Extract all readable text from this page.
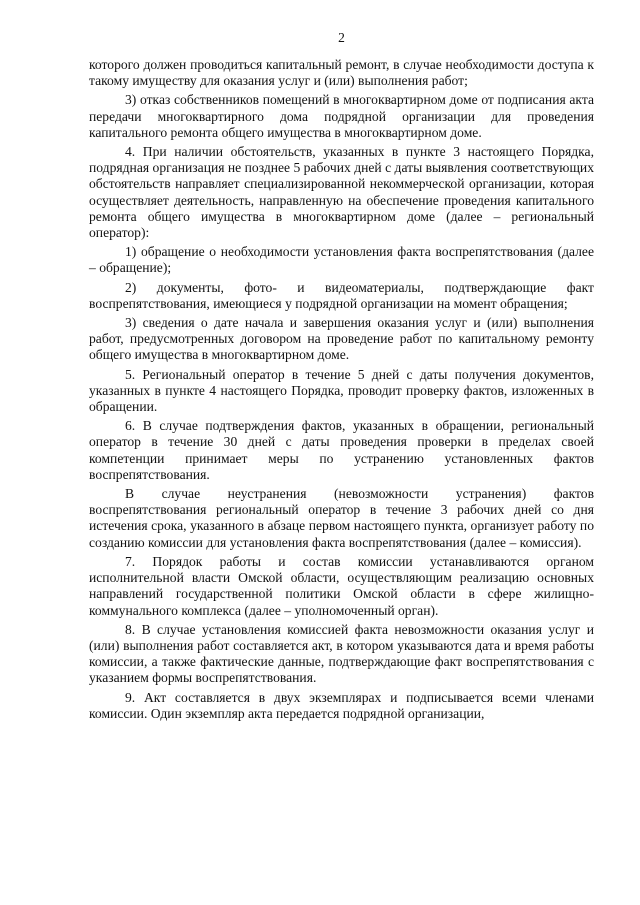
2

которого должен проводиться капитальный ремонт, в случае необходимости доступа к такому имуществу для оказания услуг и (или) выполнения работ;

3) отказ собственников помещений в многоквартирном доме от подписания акта передачи многоквартирного дома подрядной организации для проведения капитального ремонта общего имущества в многоквартирном доме.

4. При наличии обстоятельств, указанных в пункте 3 настоящего Порядка, подрядная организация не позднее 5 рабочих дней с даты выявления соответствующих обстоятельств направляет специализированной некоммерческой организации, которая осуществляет деятельность, направленную на обеспечение проведения капитального ремонта общего имущества в многоквартирном доме (далее – региональный оператор):

1) обращение о необходимости установления факта воспрепятствования (далее – обращение);

2) документы, фото- и видеоматериалы, подтверждающие факт воспрепятствования, имеющиеся у подрядной организации на момент обращения;

3) сведения о дате начала и завершения оказания услуг и (или) выполнения работ, предусмотренных договором на проведение работ по капитальному ремонту общего имущества в многоквартирном доме.

5. Региональный оператор в течение 5 дней с даты получения документов, указанных в пункте 4 настоящего Порядка, проводит проверку фактов, изложенных в обращении.

6. В случае подтверждения фактов, указанных в обращении, региональный оператор в течение 30 дней с даты проведения проверки в пределах своей компетенции принимает меры по устранению установленных фактов воспрепятствования.

В случае неустранения (невозможности устранения) фактов воспрепятствования региональный оператор в течение 3 рабочих дней со дня истечения срока, указанного в абзаце первом настоящего пункта, организует работу по созданию комиссии для установления факта воспрепятствования (далее – комиссия).

7. Порядок работы и состав комиссии устанавливаются органом исполнительной власти Омской области, осуществляющим реализацию основных направлений государственной политики Омской области в сфере жилищно-коммунального комплекса (далее – уполномоченный орган).

8. В случае установления комиссией факта невозможности оказания услуг и (или) выполнения работ составляется акт, в котором указываются дата и время работы комиссии, а также фактические данные, подтверждающие факт воспрепятствования с указанием формы воспрепятствования.

9. Акт составляется в двух экземплярах и подписывается всеми членами комиссии. Один экземпляр акта передается подрядной организации,
